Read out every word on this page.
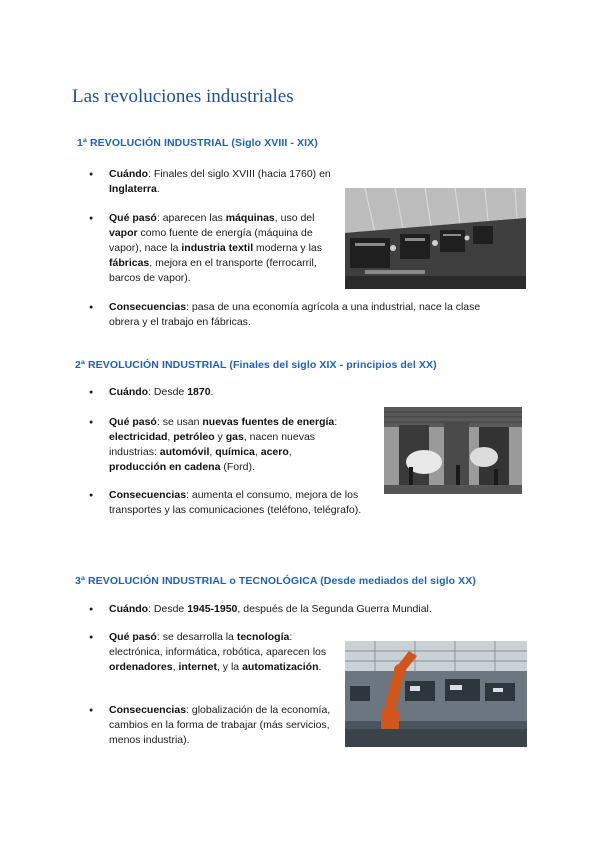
Las revoluciones industriales
1ª REVOLUCIÓN INDUSTRIAL (Siglo XVIII - XIX)
● Cuándo: Finales del siglo XVIII (hacia 1760) en Inglaterra.
● Qué pasó: aparecen las máquinas, uso del vapor como fuente de energía (máquina de vapor), nace la industria textil moderna y las fábricas, mejora en el transporte (ferrocarril, barcos de vapor).
● Consecuencias: pasa de una economía agrícola a una industrial, nace la clase obrera y el trabajo en fábricas.
2ª REVOLUCIÓN INDUSTRIAL (Finales del siglo XIX - principios del XX)
● Cuándo: Desde 1870.
● Qué pasó: se usan nuevas fuentes de energía: electricidad, petróleo y gas, nacen nuevas industrias: automóvil, química, acero, producción en cadena (Ford).
● Consecuencias: aumenta el consumo, mejora de los transportes y las comunicaciones (teléfono, telégrafo).
3ª REVOLUCIÓN INDUSTRIAL o TECNOLÓGICA (Desde mediados del siglo XX)
● Cuándo: Desde 1945-1950, después de la Segunda Guerra Mundial.
● Qué pasó: se desarrolla la tecnología: electrónica, informática, robótica, aparecen los ordenadores, internet, y la automatización.
● Consecuencias: globalización de la economía, cambios en la forma de trabajar (más servicios, menos industria).
